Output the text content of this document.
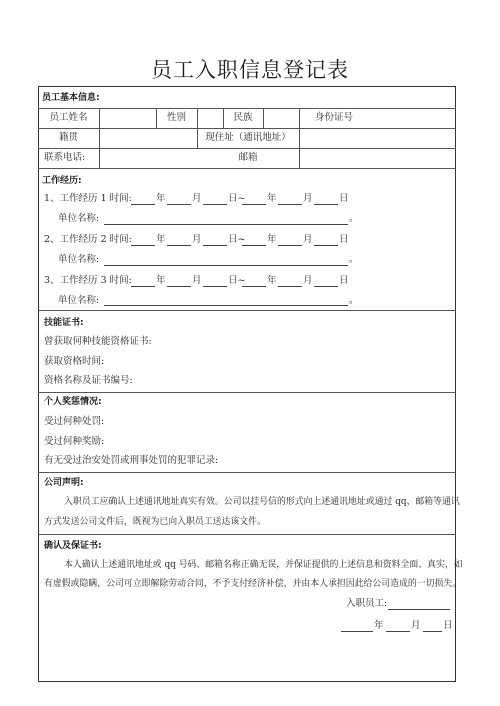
员工入职信息登记表
员工基本信息:
员工姓名	性别	民族	身份证号
籍贯	现住址（通讯地址）
联系电话:	邮箱
工作经历:
1、工作经历 1 时间:	年	月	日~ 年	月	日
单位名称:	。
2、工作经历 2 时间:	年	月	日~ 年	月	日
单位名称:	。
3、工作经历 3 时间:	年	月	日~ 年	月	日
单位名称:	。
技能证书:
曾获取何种技能资格证书:
获取资格时间:
资格名称及证书编号:
个人奖惩情况:
受过何种处罚:
受过何种奖励:
有无受过治安处罚或刑事处罚的犯罪记录:
公司声明:
入职员工应确认上述通讯地址真实有效。公司以挂号信的形式向上述通讯地址或通过 qq、邮箱等通讯
方式发送公司文件后，既视为已向入职员工送达该文件。
确认及保证书:
本人确认上述通讯地址或 qq 号码、邮箱名称正确无误，并保证提供的上述信息和资料全面、真实，如
有虚假或隐瞒，公司可立即解除劳动合同，不予支付经济补偿，并由本人承担因此给公司造成的一切损失。
入职员工:
年	月 日
